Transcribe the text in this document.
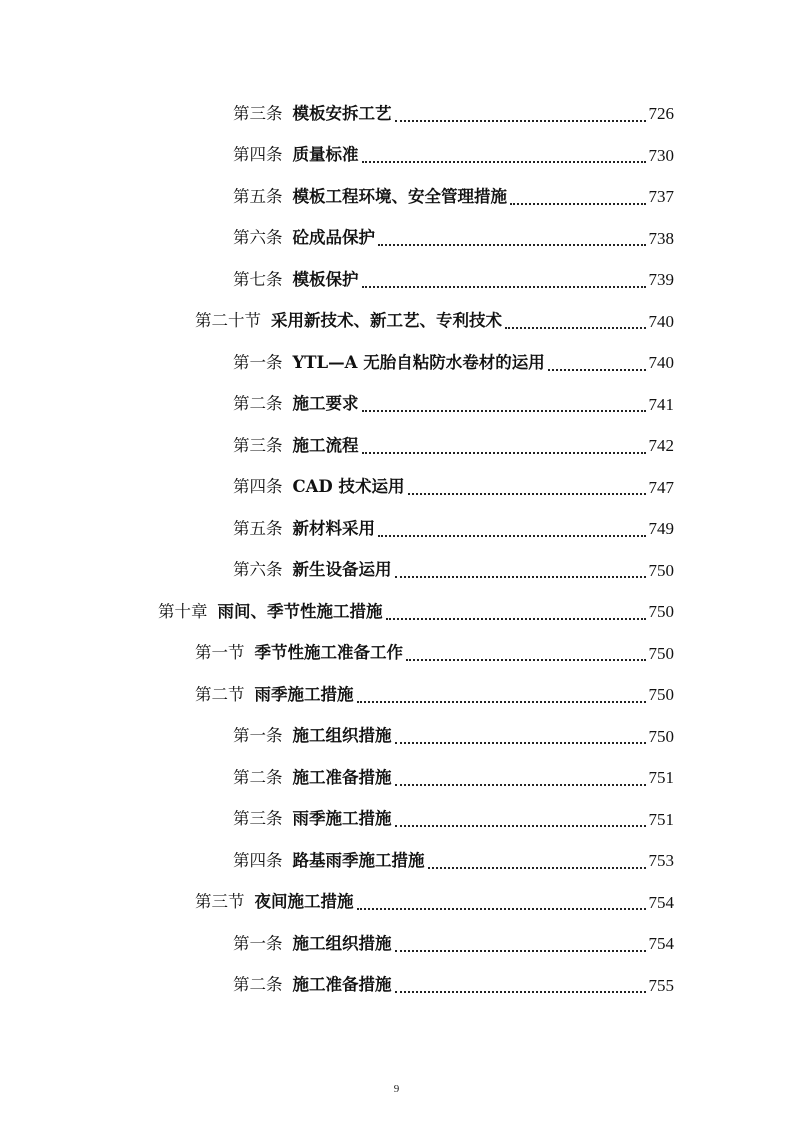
第三条 模板安拆工艺	726
第四条 质量标准	730
第五条 模板工程环境、安全管理措施	737
第六条 砼成品保护	738
第七条 模板保护	739
第二十节 采用新技术、新工艺、专利技术	740
第一条 YTL—A 无胎自粘防水卷材的运用	740
第二条 施工要求	741
第三条 施工流程	742
第四条 CAD 技术运用	747
第五条 新材料采用	749
第六条 新生设备运用	750
第十章 雨间、季节性施工措施	750
第一节 季节性施工准备工作	750
第二节 雨季施工措施	750
第一条 施工组织措施	750
第二条 施工准备措施	751
第三条 雨季施工措施	751
第四条 路基雨季施工措施	753
第三节 夜间施工措施	754
第一条 施工组织措施	754
第二条 施工准备措施	755
9
